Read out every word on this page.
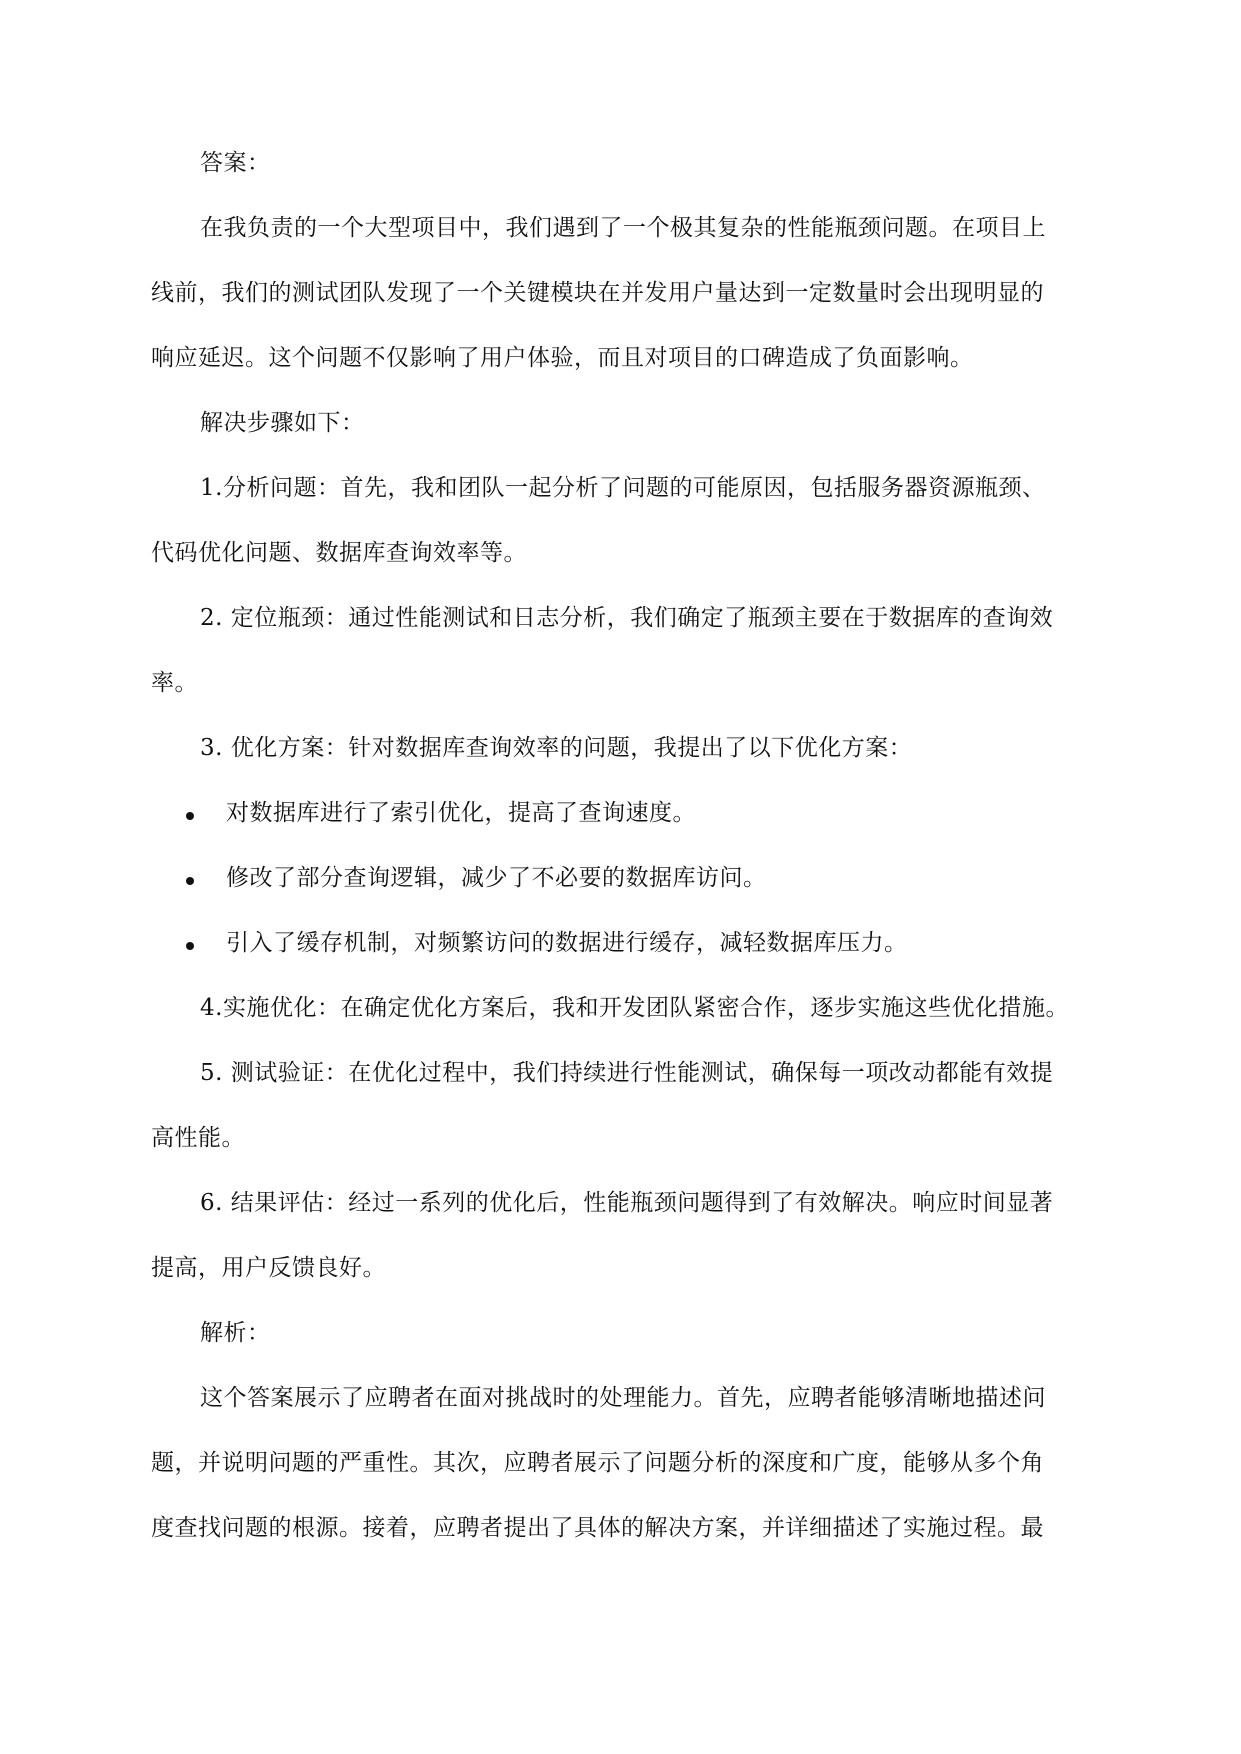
答案：
在我负责的一个大型项目中，我们遇到了一个极其复杂的性能瓶颈问题。在项目上
线前，我们的测试团队发现了一个关键模块在并发用户量达到一定数量时会出现明显的
响应延迟。这个问题不仅影响了用户体验，而且对项目的口碑造成了负面影响。
解决步骤如下：
1.分析问题：首先，我和团队一起分析了问题的可能原因，包括服务器资源瓶颈、
代码优化问题、数据库查询效率等。
2. 定位瓶颈：通过性能测试和日志分析，我们确定了瓶颈主要在于数据库的查询效
率。
3. 优化方案：针对数据库查询效率的问题，我提出了以下优化方案：
对数据库进行了索引优化，提高了查询速度。
修改了部分查询逻辑，减少了不必要的数据库访问。
引入了缓存机制，对频繁访问的数据进行缓存，减轻数据库压力。
4.实施优化：在确定优化方案后，我和开发团队紧密合作，逐步实施这些优化措施。
5. 测试验证：在优化过程中，我们持续进行性能测试，确保每一项改动都能有效提
高性能。
6. 结果评估：经过一系列的优化后，性能瓶颈问题得到了有效解决。响应时间显著
提高，用户反馈良好。
解析：
这个答案展示了应聘者在面对挑战时的处理能力。首先，应聘者能够清晰地描述问
题，并说明问题的严重性。其次，应聘者展示了问题分析的深度和广度，能够从多个角
度查找问题的根源。接着，应聘者提出了具体的解决方案，并详细描述了实施过程。最
